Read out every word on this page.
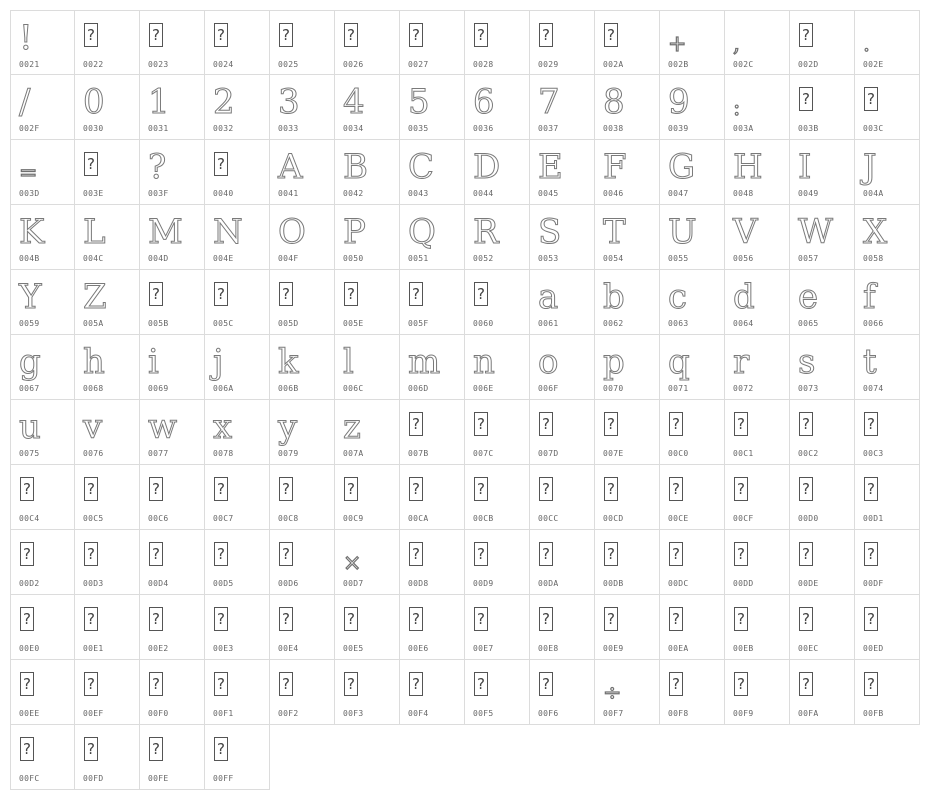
!
0021
?
0022
?
0023
?
0024
?
0025
?
0026
?
0027
?
0028
?
0029
?
002A
+
002B
,
002C
?
002D
.
002E
/
002F
0
0030
1
0031
2
0032
3
0033
4
0034
5
0035
6
0036
7
0037
8
0038
9
0039
:
003A
?
003B
?
003C
=
003D
?
003E
?
003F
?
0040
A
0041
B
0042
C
0043
D
0044
E
0045
F
0046
G
0047
H
0048
I
0049
J
004A
K
004B
L
004C
M
004D
N
004E
O
004F
P
0050
Q
0051
R
0052
S
0053
T
0054
U
0055
V
0056
W
0057
X
0058
Y
0059
Z
005A
?
005B
?
005C
?
005D
?
005E
?
005F
?
0060
a
0061
b
0062
c
0063
d
0064
e
0065
f
0066
g
0067
h
0068
i
0069
j
006A
k
006B
l
006C
m
006D
n
006E
o
006F
p
0070
q
0071
r
0072
s
0073
t
0074
u
0075
v
0076
w
0077
x
0078
y
0079
z
007A
?
007B
?
007C
?
007D
?
007E
?
00C0
?
00C1
?
00C2
?
00C3
?
00C4
?
00C5
?
00C6
?
00C7
?
00C8
?
00C9
?
00CA
?
00CB
?
00CC
?
00CD
?
00CE
?
00CF
?
00D0
?
00D1
?
00D2
?
00D3
?
00D4
?
00D5
?
00D6
×
00D7
?
00D8
?
00D9
?
00DA
?
00DB
?
00DC
?
00DD
?
00DE
?
00DF
?
00E0
?
00E1
?
00E2
?
00E3
?
00E4
?
00E5
?
00E6
?
00E7
?
00E8
?
00E9
?
00EA
?
00EB
?
00EC
?
00ED
?
00EE
?
00EF
?
00F0
?
00F1
?
00F2
?
00F3
?
00F4
?
00F5
?
00F6
÷
00F7
?
00F8
?
00F9
?
00FA
?
00FB
?
00FC
?
00FD
?
00FE
?
00FF
